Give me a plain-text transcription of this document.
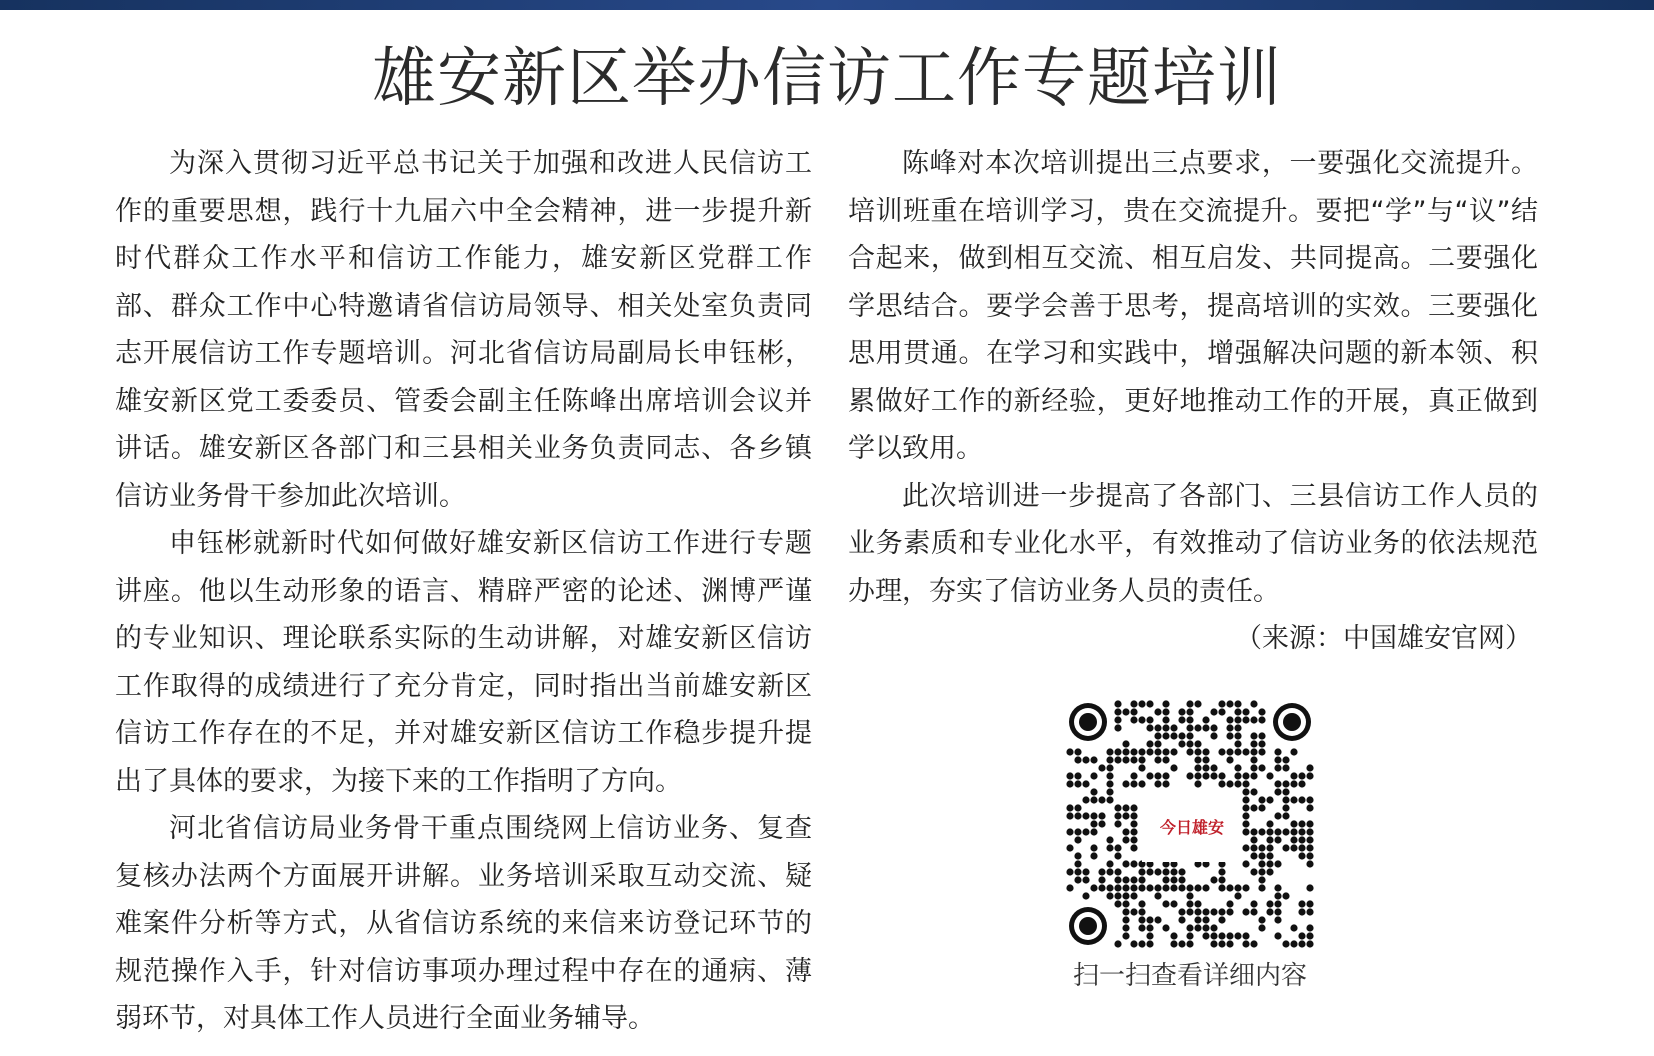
雄安新区举办信访工作专题培训

为深入贯彻习近平总书记关于加强和改进人民信访工作的重要思想，践行十九届六中全会精神，进一步提升新时代群众工作水平和信访工作能力，雄安新区党群工作部、群众工作中心特邀请省信访局领导、相关处室负责同志开展信访工作专题培训。河北省信访局副局长申钰彬，雄安新区党工委委员、管委会副主任陈峰出席培训会议并讲话。雄安新区各部门和三县相关业务负责同志、各乡镇信访业务骨干参加此次培训。

申钰彬就新时代如何做好雄安新区信访工作进行专题讲座。他以生动形象的语言、精辟严密的论述、渊博严谨的专业知识、理论联系实际的生动讲解，对雄安新区信访工作取得的成绩进行了充分肯定，同时指出当前雄安新区信访工作存在的不足，并对雄安新区信访工作稳步提升提出了具体的要求，为接下来的工作指明了方向。

河北省信访局业务骨干重点围绕网上信访业务、复查复核办法两个方面展开讲解。业务培训采取互动交流、疑难案件分析等方式，从省信访系统的来信来访登记环节的规范操作入手，针对信访事项办理过程中存在的通病、薄弱环节，对具体工作人员进行全面业务辅导。

陈峰对本次培训提出三点要求，一要强化交流提升。培训班重在培训学习，贵在交流提升。要把“学”与“议”结合起来，做到相互交流、相互启发、共同提高。二要强化学思结合。要学会善于思考，提高培训的实效。三要强化思用贯通。在学习和实践中，增强解决问题的新本领、积累做好工作的新经验，更好地推动工作的开展，真正做到学以致用。

此次培训进一步提高了各部门、三县信访工作人员的业务素质和专业化水平，有效推动了信访业务的依法规范办理，夯实了信访业务人员的责任。

（来源：中国雄安官网）

今日雄安
扫一扫查看详细内容
